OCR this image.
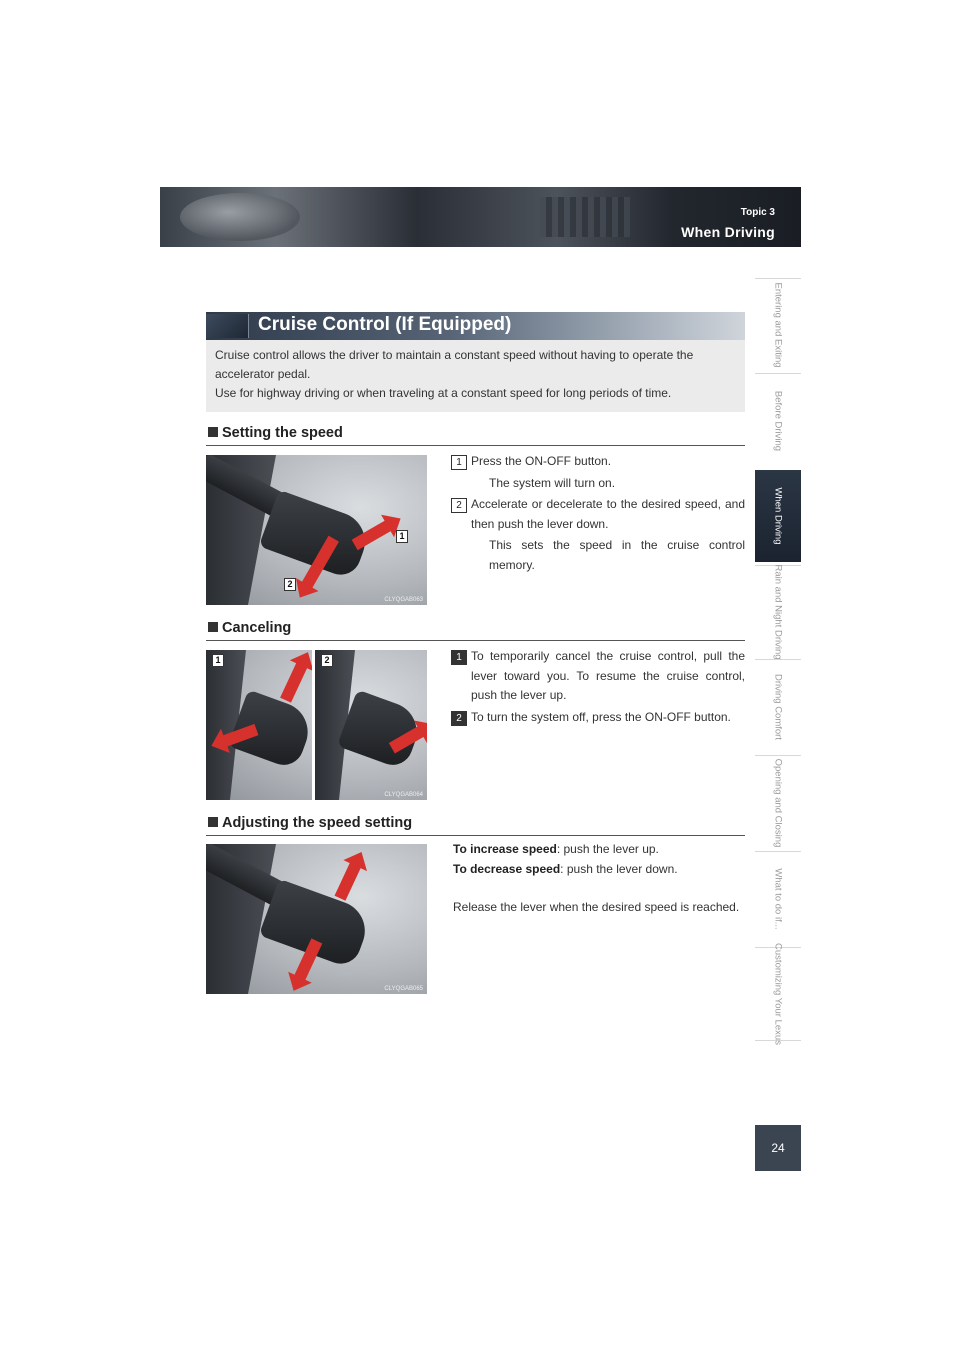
Topic 3
When Driving
Entering and Exiting
Before Driving
When Driving
Rain and Night Driving
Driving Comfort
Opening and Closing
What to do if...
Customizing Your Lexus
24
Cruise Control (If Equipped)

Cruise control allows the driver to maintain a constant speed without having to operate the accelerator pedal.

Use for highway driving or when traveling at a constant speed for long periods of time.

Setting the speed
1
2
CLYQGAB063
1 Press the ON-OFF button.
The system will turn on.
2 Accelerate or decelerate to the desired speed, and then push the lever down.
This sets the speed in the cruise control memory.
Canceling
1	2
CLYQGAB064
1 To temporarily cancel the cruise control, pull the lever toward you. To resume the cruise control, push the lever up.
2 To turn the system off, press the ON-OFF button.
Adjusting the speed setting
CLYQGAB065

To increase speed: push the lever up.

To decrease speed: push the lever down.

Release the lever when the desired speed is reached.
